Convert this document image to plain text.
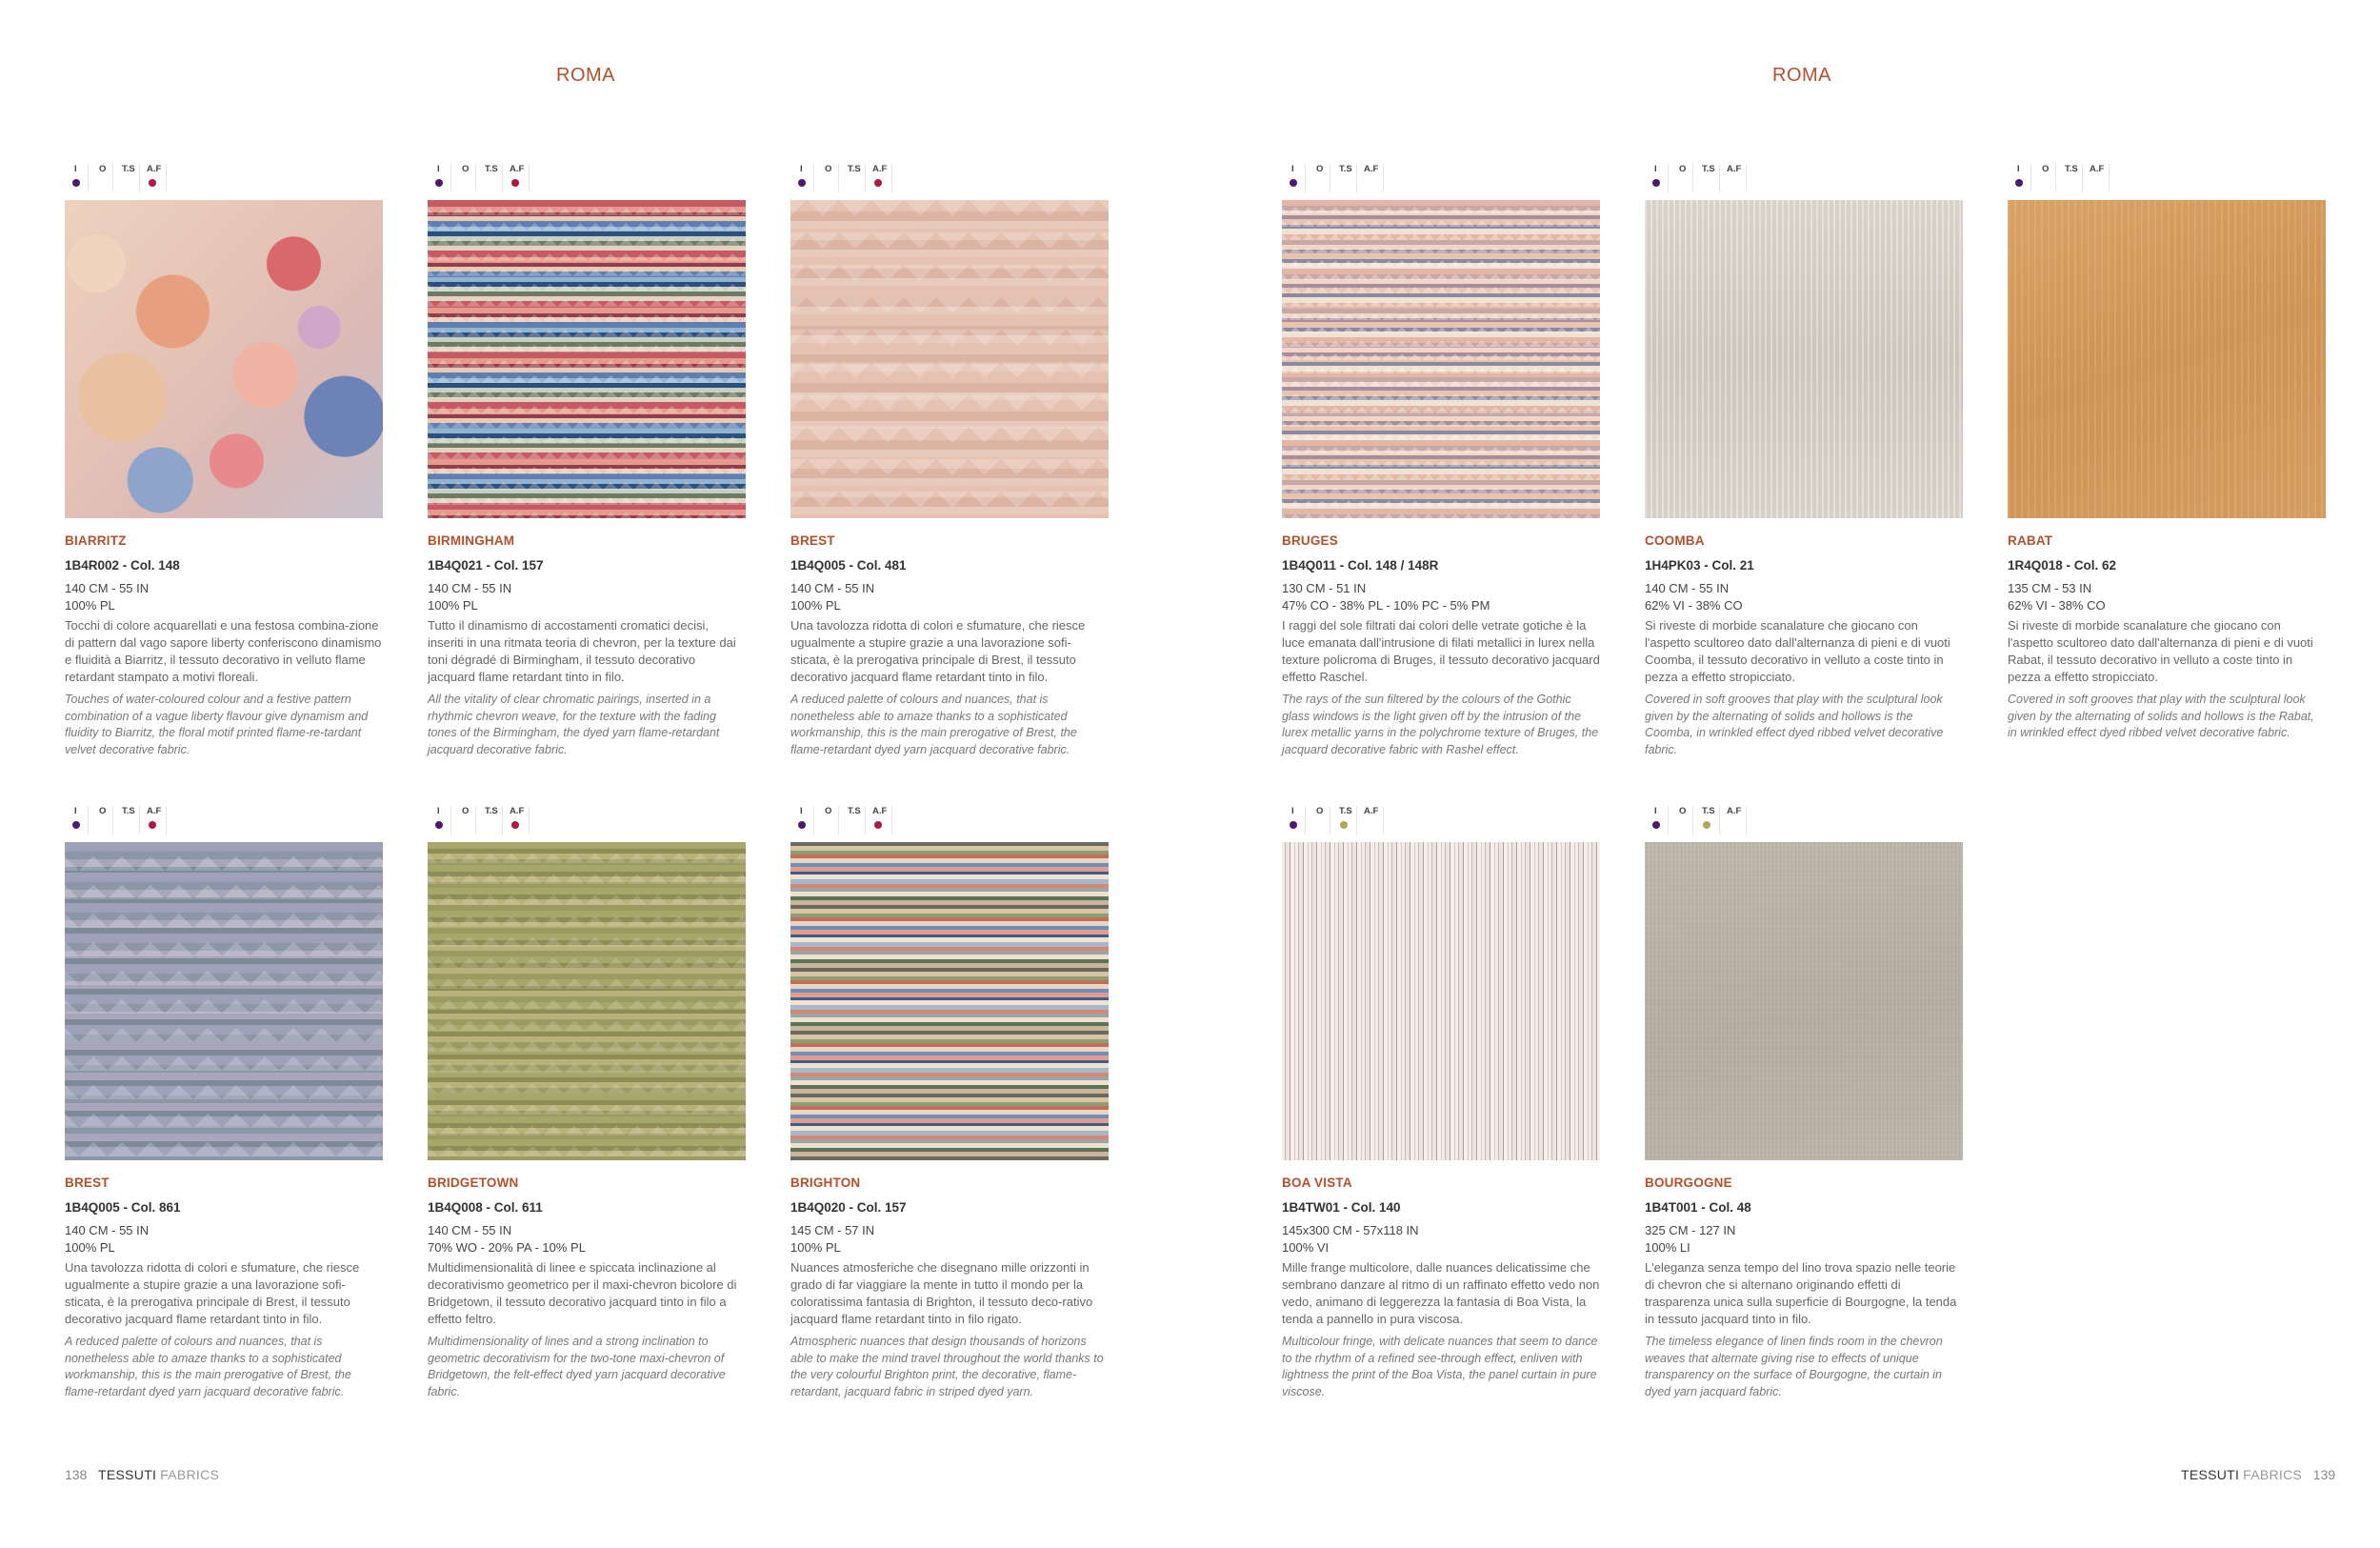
ROMA	ROMA
I O T.S A.F
BIARRITZ
1B4R002 - Col. 148
140 CM - 55 IN
100% PL
Tocchi di colore acquarellati e una festosa combina-zione di pattern dal vago sapore liberty conferiscono dinamismo e fluidità a Biarritz, il tessuto decorativo in velluto flame retardant stampato a motivi floreali.
Touches of water-coloured colour and a festive pattern combination of a vague liberty flavour give dynamism and fluidity to Biarritz, the floral motif printed flame-re-tardant velvet decorative fabric.
I O T.S A.F
BIRMINGHAM
1B4Q021 - Col. 157
140 CM - 55 IN
100% PL
Tutto il dinamismo di accostamenti cromatici decisi, inseriti in una ritmata teoria di chevron, per la texture dai toni dégradé di Birmingham, il tessuto decorativo jacquard flame retardant tinto in filo.
All the vitality of clear chromatic pairings, inserted in a rhythmic chevron weave, for the texture with the fading tones of the Birmingham, the dyed yarn flame-retardant jacquard decorative fabric.
I O T.S A.F
BREST
1B4Q005 - Col. 481
140 CM - 55 IN
100% PL
Una tavolozza ridotta di colori e sfumature, che riesce ugualmente a stupire grazie a una lavorazione sofi-sticata, è la prerogativa principale di Brest, il tessuto decorativo jacquard flame retardant tinto in filo.
A reduced palette of colours and nuances, that is nonetheless able to amaze thanks to a sophisticated workmanship, this is the main prerogative of Brest, the flame-retardant dyed yarn jacquard decorative fabric.
I O T.S A.F
BRUGES
1B4Q011 - Col. 148 / 148R
130 CM - 51 IN
47% CO - 38% PL - 10% PC - 5% PM
I raggi del sole filtrati dai colori delle vetrate gotiche è la luce emanata dall'intrusione di filati metallici in lurex nella texture policroma di Bruges, il tessuto decorativo jacquard effetto Raschel.
The rays of the sun filtered by the colours of the Gothic glass windows is the light given off by the intrusion of the lurex metallic yarns in the polychrome texture of Bruges, the jacquard decorative fabric with Rashel effect.
I O T.S A.F
COOMBA
1H4PK03 - Col. 21
140 CM - 55 IN
62% VI - 38% CO
Si riveste di morbide scanalature che giocano con l'aspetto scultoreo dato dall'alternanza di pieni e di vuoti Coomba, il tessuto decorativo in velluto a coste tinto in pezza a effetto stropicciato.
Covered in soft grooves that play with the sculptural look given by the alternating of solids and hollows is the Coomba, in wrinkled effect dyed ribbed velvet decorative fabric.
I O T.S A.F
RABAT
1R4Q018 - Col. 62
135 CM - 53 IN
62% VI - 38% CO
Si riveste di morbide scanalature che giocano con l'aspetto scultoreo dato dall'alternanza di pieni e di vuoti Rabat, il tessuto decorativo in velluto a coste tinto in pezza a effetto stropicciato.
Covered in soft grooves that play with the sculptural look given by the alternating of solids and hollows is the Rabat, in wrinkled effect dyed ribbed velvet decorative fabric.
I O T.S A.F
BREST
1B4Q005 - Col. 861
140 CM - 55 IN
100% PL
Una tavolozza ridotta di colori e sfumature, che riesce ugualmente a stupire grazie a una lavorazione sofi-sticata, è la prerogativa principale di Brest, il tessuto decorativo jacquard flame retardant tinto in filo.
A reduced palette of colours and nuances, that is nonetheless able to amaze thanks to a sophisticated workmanship, this is the main prerogative of Brest, the flame-retardant dyed yarn jacquard decorative fabric.
I O T.S A.F
BRIDGETOWN
1B4Q008 - Col. 611
140 CM - 55 IN
70% WO - 20% PA - 10% PL
Multidimensionalità di linee e spiccata inclinazione al decorativismo geometrico per il maxi-chevron bicolore di Bridgetown, il tessuto decorativo jacquard tinto in filo a effetto feltro.
Multidimensionality of lines and a strong inclination to geometric decorativism for the two-tone maxi-chevron of Bridgetown, the felt-effect dyed yarn jacquard decorative fabric.
I O T.S A.F
BRIGHTON
1B4Q020 - Col. 157
145 CM - 57 IN
100% PL
Nuances atmosferiche che disegnano mille orizzonti in grado di far viaggiare la mente in tutto il mondo per la coloratissima fantasia di Brighton, il tessuto deco-rativo jacquard flame retardant tinto in filo rigato.
Atmospheric nuances that design thousands of horizons able to make the mind travel throughout the world thanks to the very colourful Brighton print, the decorative, flame-retardant, jacquard fabric in striped dyed yarn.
I O T.S A.F
BOA VISTA
1B4TW01 - Col. 140
145x300 CM - 57x118 IN
100% VI
Mille frange multicolore, dalle nuances delicatissime che sembrano danzare al ritmo di un raffinato effetto vedo non vedo, animano di leggerezza la fantasia di Boa Vista, la tenda a pannello in pura viscosa.
Multicolour fringe, with delicate nuances that seem to dance to the rhythm of a refined see-through effect, enliven with lightness the print of the Boa Vista, the panel curtain in pure viscose.
I O T.S A.F
BOURGOGNE
1B4T001 - Col. 48
325 CM - 127 IN
100% LI
L'eleganza senza tempo del lino trova spazio nelle teorie di chevron che si alternano originando effetti di trasparenza unica sulla superficie di Bourgogne, la tenda in tessuto jacquard tinto in filo.
The timeless elegance of linen finds room in the chevron weaves that alternate giving rise to effects of unique transparency on the surface of Bourgogne, the curtain in dyed yarn jacquard fabric.
138 TESSUTI FABRICS	TESSUTI FABRICS 139
